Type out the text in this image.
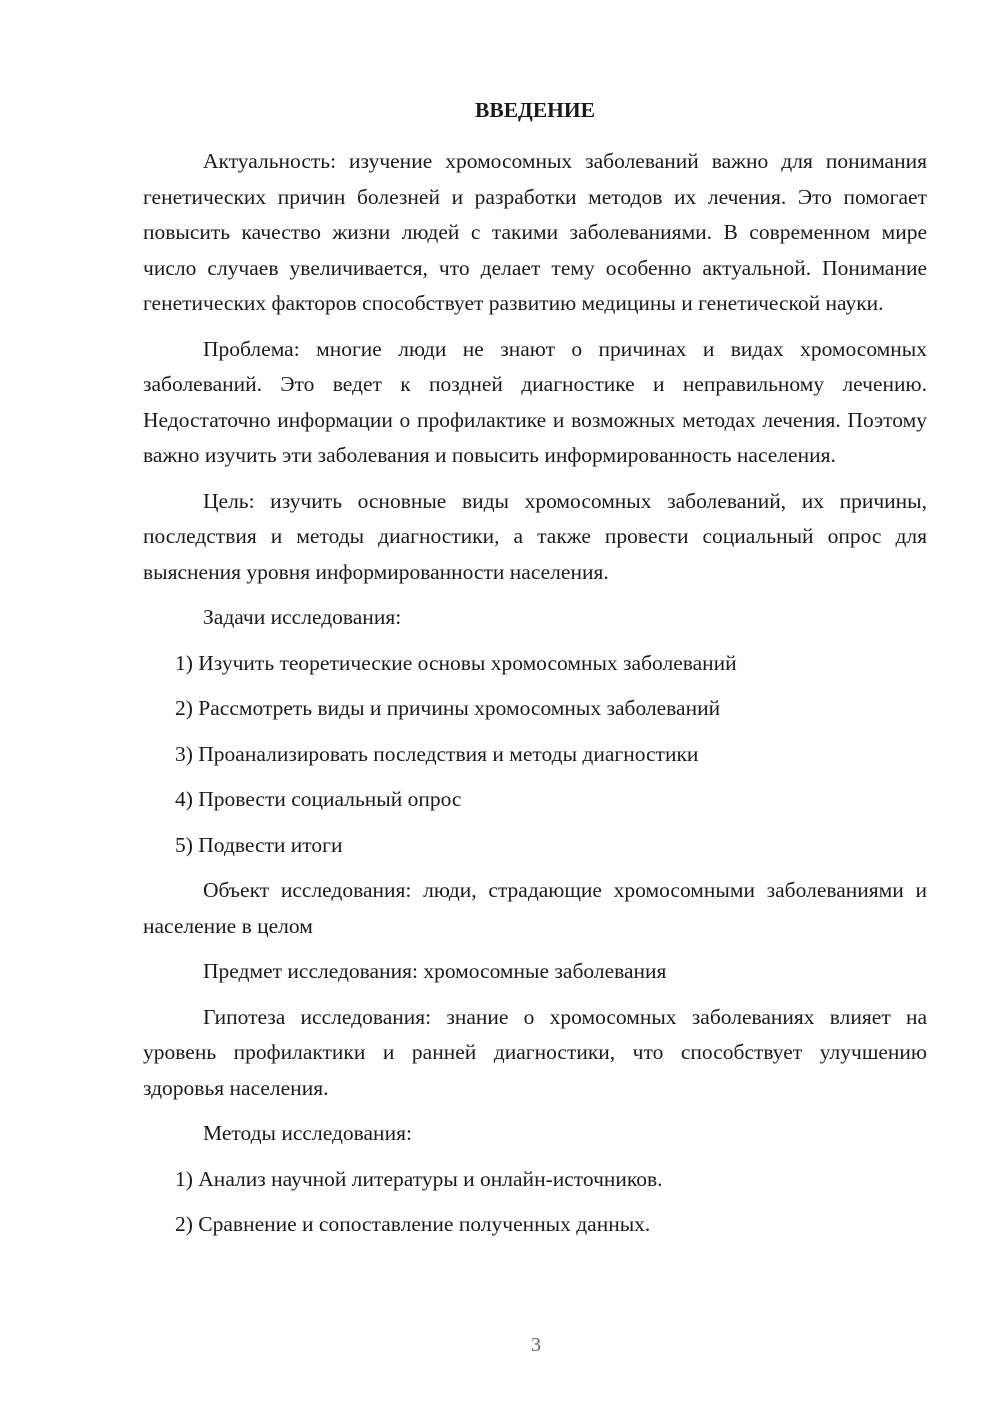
ВВЕДЕНИЕ

Актуальность: изучение хромосомных заболеваний важно для понимания генетических причин болезней и разработки методов их лечения. Это помогает повысить качество жизни людей с такими заболеваниями. В современном мире число случаев увеличивается, что делает тему особенно актуальной. Понимание генетических факторов способствует развитию медицины и генетической науки.

Проблема: многие люди не знают о причинах и видах хромосомных заболеваний. Это ведет к поздней диагностике и неправильному лечению. Недостаточно информации о профилактике и возможных методах лечения. Поэтому важно изучить эти заболевания и повысить информированность населения.

Цель: изучить основные виды хромосомных заболеваний, их причины, последствия и методы диагностики, а также провести социальный опрос для выяснения уровня информированности населения.

Задачи исследования:

1) Изучить теоретические основы хромосомных заболеваний

2) Рассмотреть виды и причины хромосомных заболеваний

3) Проанализировать последствия и методы диагностики

4) Провести социальный опрос

5) Подвести итоги

Объект исследования: люди, страдающие хромосомными заболеваниями и население в целом

Предмет исследования: хромосомные заболевания

Гипотеза исследования: знание о хромосомных заболеваниях влияет на уровень профилактики и ранней диагностики, что способствует улучшению здоровья населения.

Методы исследования:

1) Анализ научной литературы и онлайн-источников.

2) Сравнение и сопоставление полученных данных.

3
